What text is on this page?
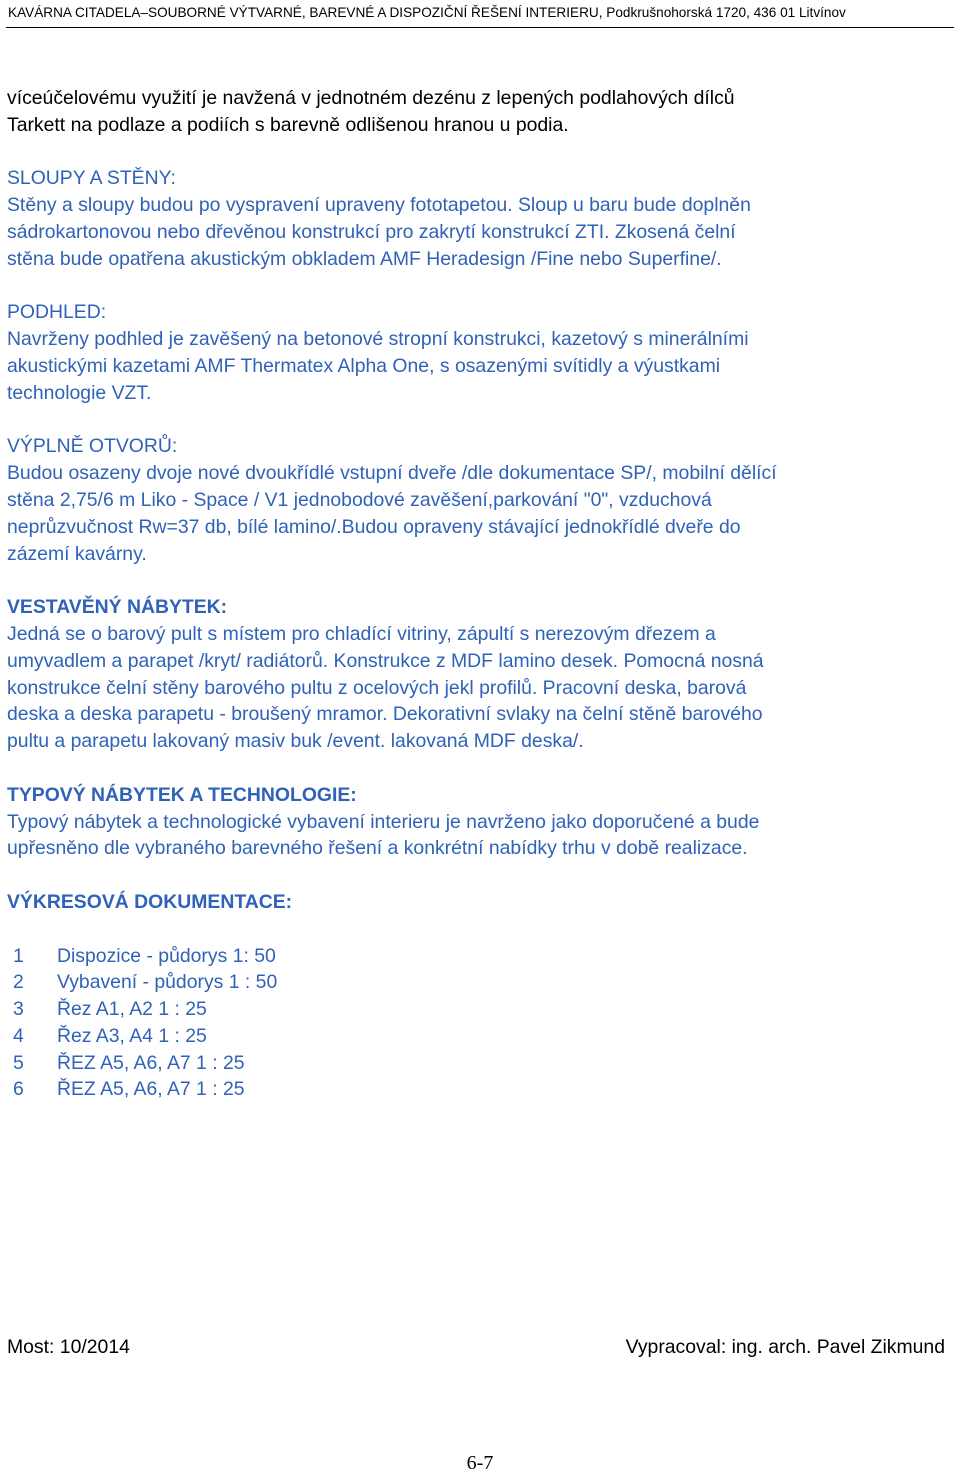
KAVÁRNA CITADELA–SOUBORNÉ VÝTVARNÉ, BAREVNÉ A DISPOZIČNÍ ŘEŠENÍ INTERIERU, Podkrušnohorská 1720, 436 01 Litvínov

víceúčelovému využití je navžená v jednotném dezénu z lepených podlahových dílců

Tarkett na podlaze a podiích s barevně odlišenou hranou u podia.

SLOUPY A STĚNY:

Stěny a sloupy budou po vyspravení upraveny fototapetou. Sloup u baru bude doplněn

sádrokartonovou nebo dřevěnou konstrukcí pro zakrytí konstrukcí ZTI. Zkosená čelní

stěna bude opatřena akustickým obkladem AMF Heradesign /Fine nebo Superfine/.

PODHLED:

Navrženy podhled je zavěšený na betonové stropní konstrukci, kazetový s minerálními

akustickými kazetami AMF Thermatex Alpha One, s osazenými svítidly a výustkami

technologie VZT.

VÝPLNĚ OTVORŮ:

Budou osazeny dvoje nové dvoukřídlé vstupní dveře /dle dokumentace SP/, mobilní dělící

stěna 2,75/6 m Liko - Space / V1 jednobodové zavěšení,parkování "0", vzduchová

neprůzvučnost Rw=37 db, bílé lamino/.Budou opraveny stávající jednokřídlé dveře do

zázemí kavárny.

VESTAVĚNÝ NÁBYTEK:

Jedná se o barový pult s místem pro chladící vitriny, zápultí s nerezovým dřezem a

umyvadlem a parapet /kryt/ radiátorů. Konstrukce z MDF lamino desek. Pomocná nosná

konstrukce čelní stěny barového pultu z ocelových jekl profilů. Pracovní deska, barová

deska a deska parapetu - broušený mramor. Dekorativní svlaky na čelní stěně barového

pultu a parapetu lakovaný masiv buk /event. lakovaná MDF deska/.

TYPOVÝ NÁBYTEK A TECHNOLOGIE:

Typový nábytek a technologické vybavení interieru je navrženo jako doporučené a bude

upřesněno dle vybraného barevného řešení a konkrétní nabídky trhu v době realizace.

VÝKRESOVÁ DOKUMENTACE:
1	Dispozice - půdorys 1: 50
2	Vybavení - půdorys 1 : 50
3	Řez A1, A2 1 : 25
4	Řez A3, A4 1 : 25
5	ŘEZ A5, A6, A7 1 : 25
6	ŘEZ A5, A6, A7 1 : 25
Most: 10/2014	Vypracoval: ing. arch. Pavel Zikmund
6-7
